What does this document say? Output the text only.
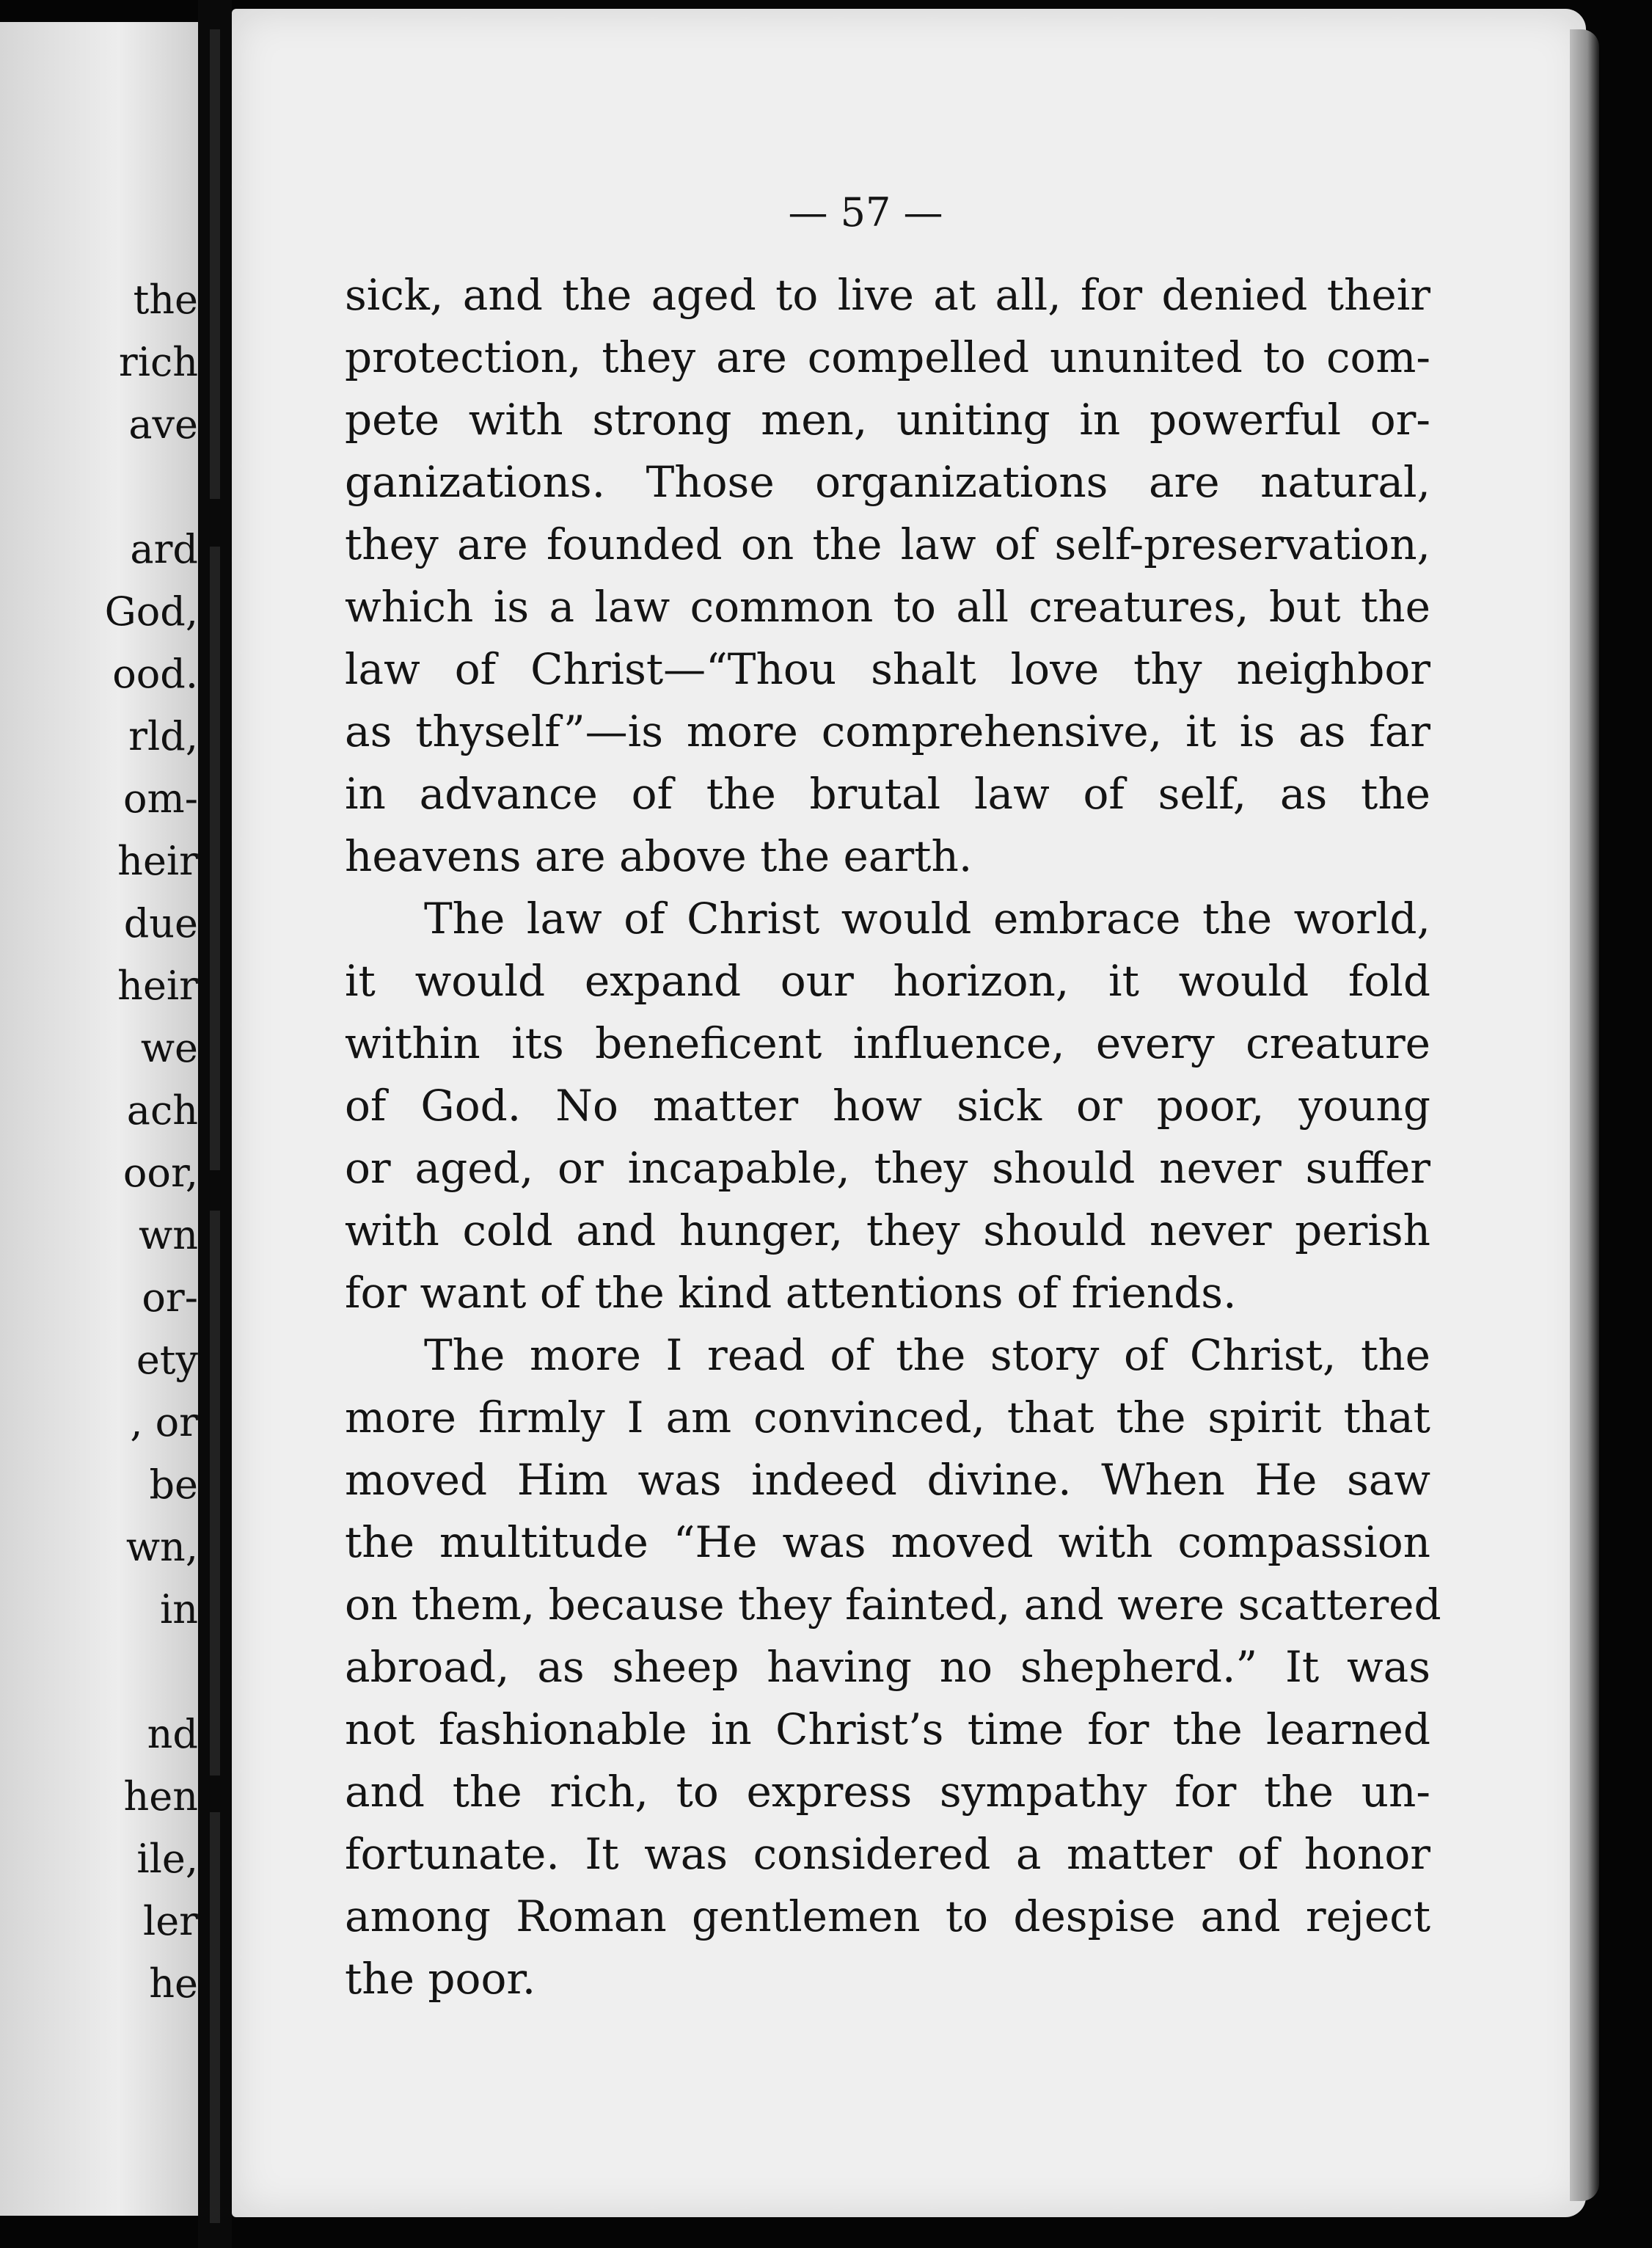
the
rich
ave
ard
God,
ood.
rld,
om-
heir
due
heir
we
ach
oor,
wn
or-
ety
, or
be
wn,
in
nd
hen
ile,
ler
he
— 57 —
sick, and the aged to live at all, for denied their
protection, they are compelled ununited to com-
pete with strong men, uniting in powerful or-
ganizations. Those organizations are natural,
they are founded on the law of self-preservation,
which is a law common to all creatures, but the
law of Christ—“Thou shalt love thy neighbor
as thyself”—is more comprehensive, it is as far
in advance of the brutal law of self, as the
heavens are above the earth.
The law of Christ would embrace the world,
it would expand our horizon, it would fold
within its beneficent influence, every creature
of God. No matter how sick or poor, young
or aged, or incapable, they should never suffer
with cold and hunger, they should never perish
for want of the kind attentions of friends.
The more I read of the story of Christ, the
more firmly I am convinced, that the spirit that
moved Him was indeed divine. When He saw
the multitude “He was moved with compassion
on them, because they fainted, and were scattered
abroad, as sheep having no shepherd.” It was
not fashionable in Christ’s time for the learned
and the rich, to express sympathy for the un-
fortunate. It was considered a matter of honor
among Roman gentlemen to despise and reject
the poor.
